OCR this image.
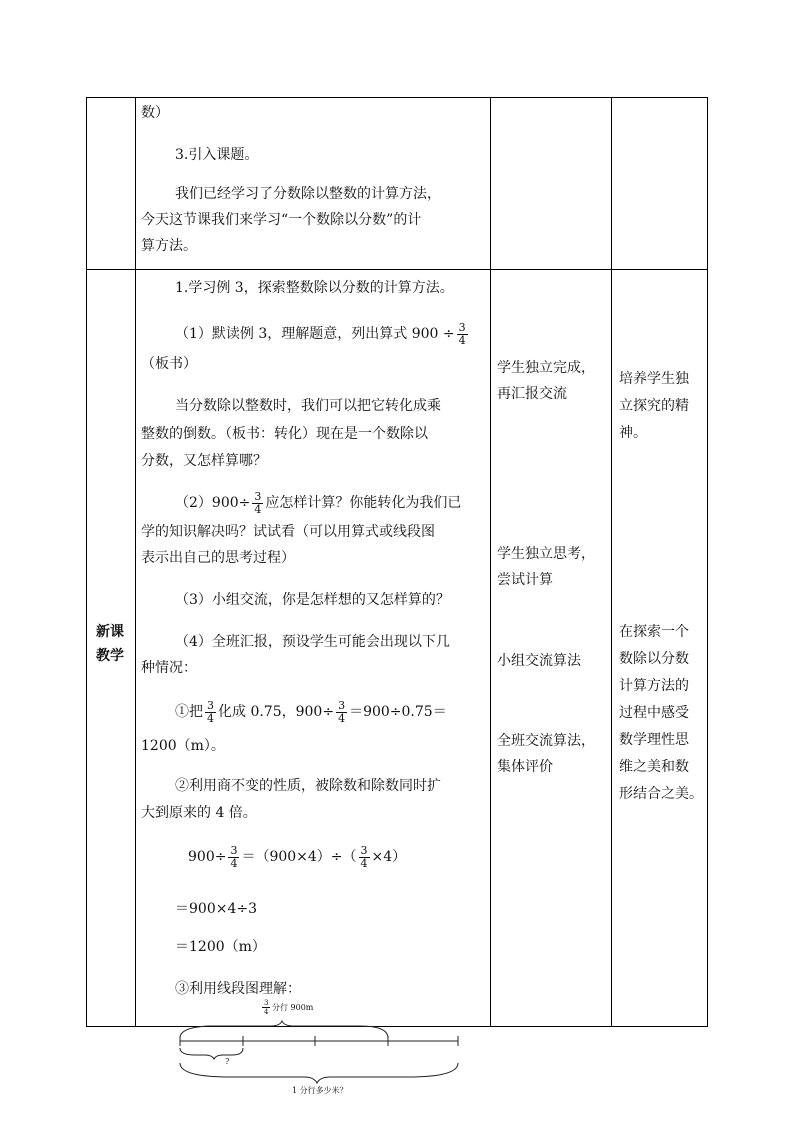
新课
教学
数）
3.引入课题。
我们已经学习了分数除以整数的计算方法，
今天这节课我们来学习“一个数除以分数”的计
算方法。
1.学习例 3，探索整数除以分数的计算方法。
（1）默读例 3，理解题意，列出算式 $900 \div \frac{3}{4}$
（板书）
当分数除以整数时，我们可以把它转化成乘
整数的倒数。（板书：转化）现在是一个数除以
分数，又怎样算哪？
$(2)900\div \frac{3}{4}$ 应怎样计算？你能转化为我们已
学的知识解决吗？试试看（可以用算式或线段图
表示出自己的思考过程）
（3）小组交流，你是怎样想的又怎样算的？
（4）全班汇报，预设学生可能会出现以下几
种情况：
①把 $\frac{3}{4}$ 化成 0.75，$900\div \frac{3}{4} =900\div 0.75=$
1200（m）。
②利用商不变的性质，被除数和除数同时扩
大到原来的 4 倍。
$900\div \frac{3}{4} =(900\times 4)\div( \frac{3}{4} \times 4)$
＝900×4÷3
＝1200（m）
③利用线段图理解：
学生独立完成，
再汇报交流
学生独立思考，
尝试计算
小组交流算法
全班交流算法，
集体评价
培养学生独
立探究的精
神。
在探索一个
数除以分数
计算方法的
过程中感受
数学理性思
维之美和数
形结合之美。
$\frac{3}{4}$ 分行 900m
?
1 分行多少米？
